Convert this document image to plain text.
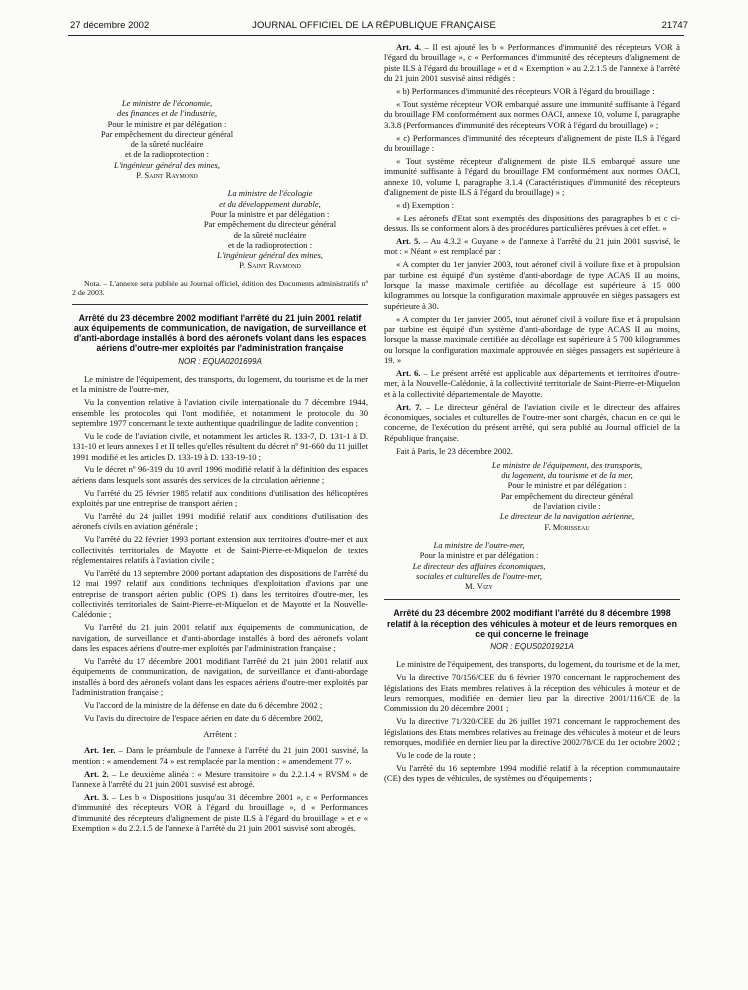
27 décembre 2002	JOURNAL OFFICIEL DE LA RÉPUBLIQUE FRANÇAISE	21747
Le ministre de l'économie,
des finances et de l'industrie,
Pour le ministre et par délégation :
Par empêchement du directeur général
de la sûreté nucléaire
et de la radioprotection :
L'ingénieur général des mines,
P. Saint Raymond
La ministre de l'écologie
et du développement durable,
Pour la ministre et par délégation :
Par empêchement du directeur général
de la sûreté nucléaire
et de la radioprotection :
L'ingénieur général des mines,
P. Saint Raymond

Nota. – L'annexe sera publiée au Journal officiel, édition des Documents administratifs nº 2 de 2003.

Arrêté du 23 décembre 2002 modifiant l'arrêté du 21 juin 2001 relatif aux équipements de communication, de navigation, de surveillance et d'anti-abordage installés à bord des aéronefs volant dans les espaces aériens d'outre-mer exploités par l'administration française
NOR : EQUA0201699A

Le ministre de l'équipement, des transports, du logement, du tourisme et de la mer et la ministre de l'outre-mer,

Vu la convention relative à l'aviation civile internationale du 7 décembre 1944, ensemble les protocoles qui l'ont modifiée, et notamment le protocole du 30 septembre 1977 concernant le texte authentique quadrilingue de ladite convention ;

Vu le code de l'aviation civile, et notamment les articles R. 133-7, D. 131-1 à D. 131-10 et leurs annexes I et II telles qu'elles résultent du décret nº 91-660 du 11 juillet 1991 modifié et les articles D. 133-19 à D. 133-19-10 ;

Vu le décret nº 96-319 du 10 avril 1996 modifié relatif à la définition des espaces aériens dans lesquels sont assurés des services de la circulation aérienne ;

Vu l'arrêté du 25 février 1985 relatif aux conditions d'utilisation des hélicoptères exploités par une entreprise de transport aérien ;

Vu l'arrêté du 24 juillet 1991 modifié relatif aux conditions d'utilisation des aéronefs civils en aviation générale ;

Vu l'arrêté du 22 février 1993 portant extension aux territoires d'outre-mer et aux collectivités territoriales de Mayotte et de Saint-Pierre-et-Miquelon de textes réglementaires relatifs à l'aviation civile ;

Vu l'arrêté du 13 septembre 2000 portant adaptation des dispositions de l'arrêté du 12 mai 1997 relatif aux conditions techniques d'exploitation d'avions par une entreprise de transport aérien public (OPS 1) dans les territoires d'outre-mer, les collectivités territoriales de Saint-Pierre-et-Miquelon et de Mayotte et la Nouvelle-Calédonie ;

Vu l'arrêté du 21 juin 2001 relatif aux équipements de communication, de navigation, de surveillance et d'anti-abordage installés à bord des aéronefs volant dans les espaces aériens d'outre-mer exploités par l'administration française ;

Vu l'arrêté du 17 décembre 2001 modifiant l'arrêté du 21 juin 2001 relatif aux équipements de communication, de navigation, de surveillance et d'anti-abordage installés à bord des aéronefs volant dans les espaces aériens d'outre-mer exploités par l'administration française ;

Vu l'accord de la ministre de la défense en date du 6 décembre 2002 ;

Vu l'avis du directoire de l'espace aérien en date du 6 décembre 2002,

Arrêtent :

Art. 1er. – Dans le préambule de l'annexe à l'arrêté du 21 juin 2001 susvisé, la mention : « amendement 74 » est remplacée par la mention : « amendement 77 ».

Art. 2. – Le deuxième alinéa : « Mesure transitoire » du 2.2.1.4 « RVSM » de l'annexe à l'arrêté du 21 juin 2001 susvisé est abrogé.

Art. 3. – Les b « Dispositions jusqu'au 31 décembre 2001 », c « Performances d'immunité des récepteurs VOR à l'égard du brouillage », d « Performances d'immunité des récepteurs d'alignement de piste ILS à l'égard du brouillage » et e « Exemption » du 2.2.1.5 de l'annexe à l'arrêté du 21 juin 2001 susvisé sont abrogés.

Art. 4. – Il est ajouté les b « Performances d'immunité des récepteurs VOR à l'égard du brouillage », c « Performances d'immunité des récepteurs d'alignement de piste ILS à l'égard du brouillage » et d « Exemption » au 2.2.1.5 de l'annexe à l'arrêté du 21 juin 2001 susvisé ainsi rédigés :

« b) Performances d'immunité des récepteurs VOR à l'égard du brouillage :

« Tout système récepteur VOR embarqué assure une immunité suffisante à l'égard du brouillage FM conformément aux normes OACI, annexe 10, volume I, paragraphe 3.3.8 (Performances d'immunité des récepteurs VOR à l'égard du brouillage) » ;

« c) Performances d'immunité des récepteurs d'alignement de piste ILS à l'égard du brouillage :

« Tout système récepteur d'alignement de piste ILS embarqué assure une immunité suffisante à l'égard du brouillage FM conformément aux normes OACI, annexe 10, volume I, paragraphe 3.1.4 (Caractéristiques d'immunité des récepteurs d'alignement de piste ILS à l'égard du brouillage) » ;

« d) Exemption :

« Les aéronefs d'Etat sont exemptés des dispositions des paragraphes b et c ci-dessus. Ils se conforment alors à des procédures particulières prévues à cet effet. »

Art. 5. – Au 4.3.2 « Guyane » de l'annexe à l'arrêté du 21 juin 2001 susvisé, le mot : « Néant » est remplacé par :

« A compter du 1er janvier 2003, tout aéronef civil à voilure fixe et à propulsion par turbine est équipé d'un système d'anti-abordage de type ACAS II au moins, lorsque la masse maximale certifiée au décollage est supérieure à 15 000 kilogrammes ou lorsque la configuration maximale approuvée en sièges passagers est supérieure à 30.

« A compter du 1er janvier 2005, tout aéronef civil à voilure fixe et à propulsion par turbine est équipé d'un système d'anti-abordage de type ACAS II au moins, lorsque la masse maximale certifiée au décollage est supérieure à 5 700 kilogrammes ou lorsque la configuration maximale approuvée en sièges passagers est supérieure à 19. »

Art. 6. – Le présent arrêté est applicable aux départements et territoires d'outre-mer, à la Nouvelle-Calédonie, à la collectivité territoriale de Saint-Pierre-et-Miquelon et à la collectivité départementale de Mayotte.

Art. 7. – Le directeur général de l'aviation civile et le directeur des affaires économiques, sociales et culturelles de l'outre-mer sont chargés, chacun en ce qui le concerne, de l'exécution du présent arrêté, qui sera publié au Journal officiel de la République française.

Fait à Paris, le 23 décembre 2002.

Le ministre de l'équipement, des transports,
du logement, du tourisme et de la mer,
Pour le ministre et par délégation :
Par empêchement du directeur général
de l'aviation civile :
Le directeur de la navigation aérienne,
F. Morisseau
La ministre de l'outre-mer,
Pour la ministre et par délégation :
Le directeur des affaires économiques,
sociales et culturelles de l'outre-mer,
M. Vizy
Arrêté du 23 décembre 2002 modifiant l'arrêté du 8 décembre 1998 relatif à la réception des véhicules à moteur et de leurs remorques en ce qui concerne le freinage
NOR : EQUS0201921A

Le ministre de l'équipement, des transports, du logement, du tourisme et de la mer,

Vu la directive 70/156/CEE du 6 février 1970 concernant le rapprochement des législations des Etats membres relatives à la réception des véhicules à moteur et de leurs remorques, modifiée en dernier lieu par la directive 2001/116/CE de la Commission du 20 décembre 2001 ;

Vu la directive 71/320/CEE du 26 juillet 1971 concernant le rapprochement des législations des Etats membres relatives au freinage des véhicules à moteur et de leurs remorques, modifiée en dernier lieu par la directive 2002/78/CE du 1er octobre 2002 ;

Vu le code de la route ;

Vu l'arrêté du 16 septembre 1994 modifié relatif à la réception communautaire (CE) des types de véhicules, de systèmes ou d'équipements ;
